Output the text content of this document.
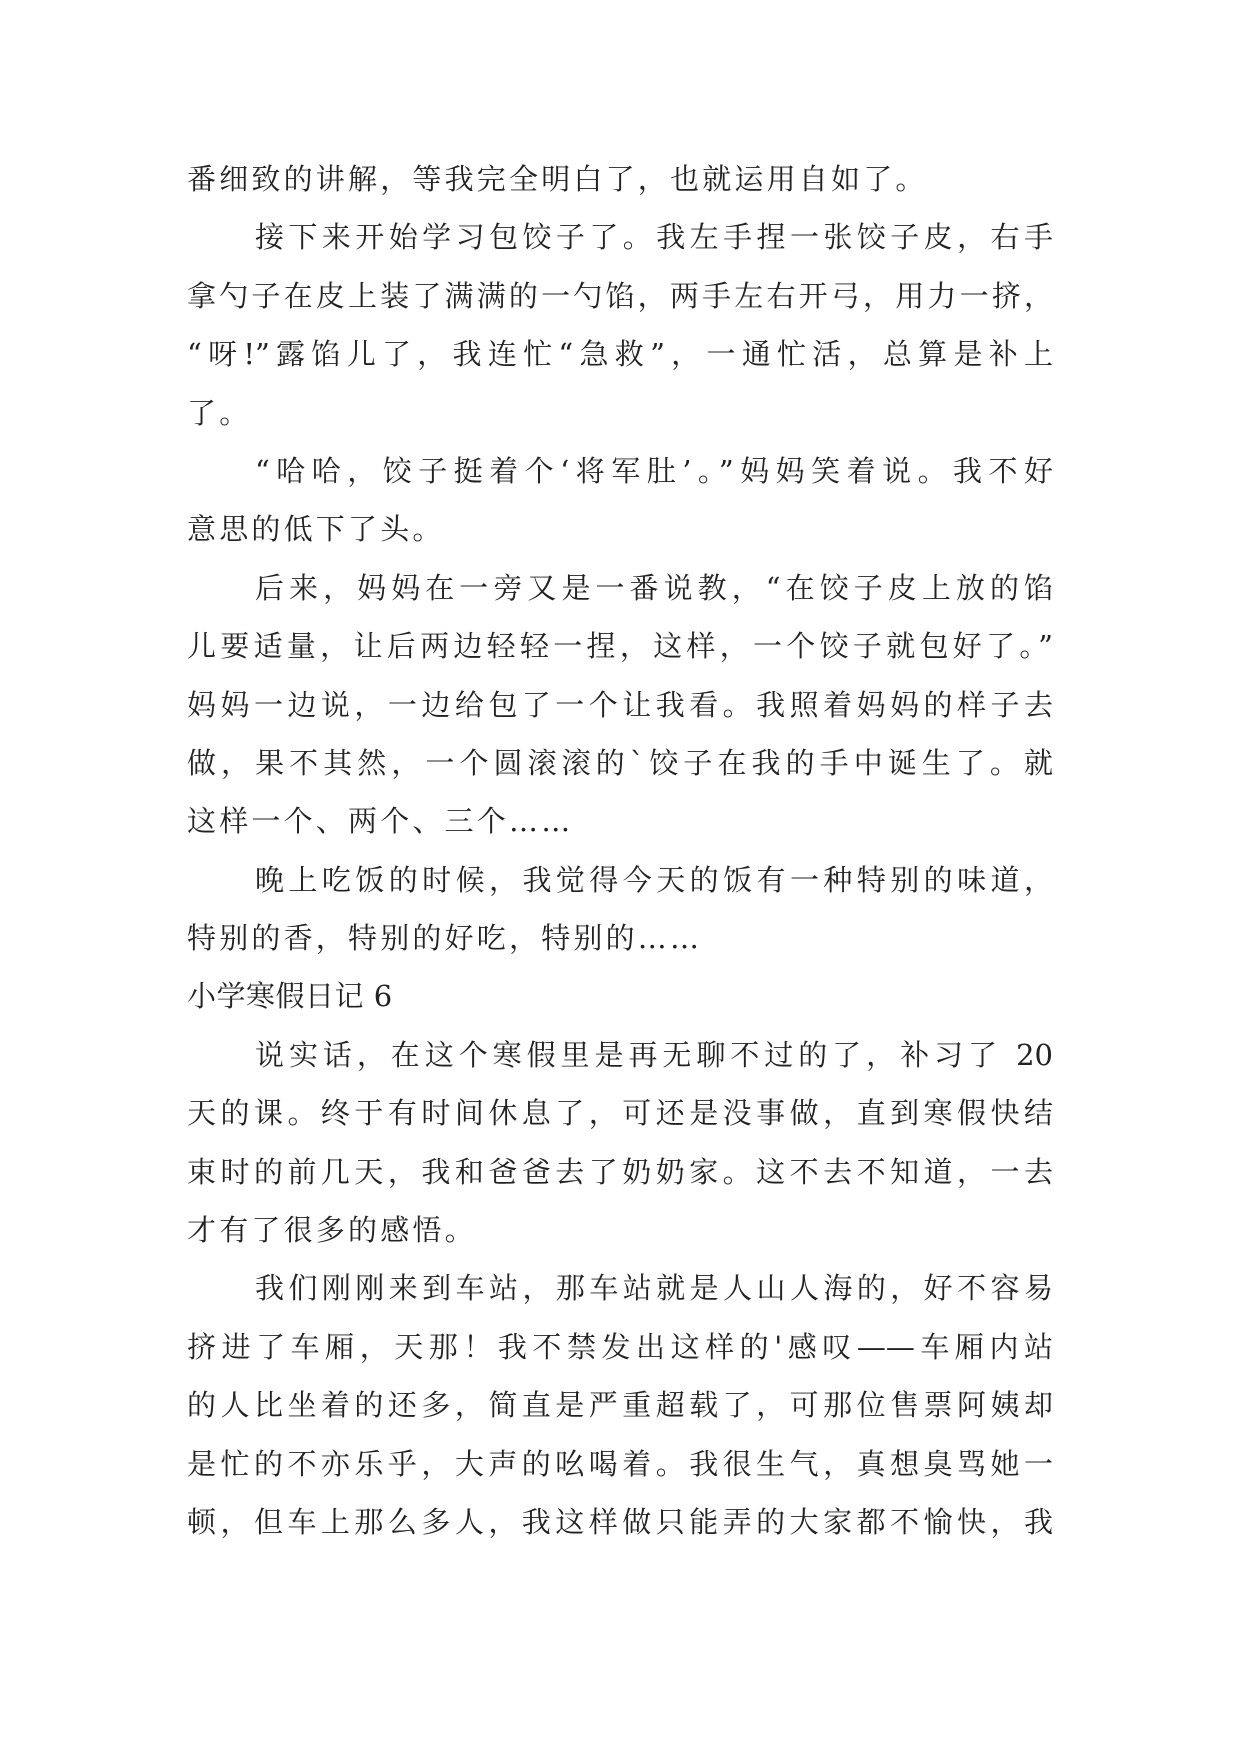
番细致的讲解，等我完全明白了，也就运用自如了。
接下来开始学习包饺子了。我左手捏一张饺子皮，右手
拿勺子在皮上装了满满的一勺馅，两手左右开弓，用力一挤，
“呀!”露馅儿了，我连忙“急救”，一通忙活，总算是补上
了。
“哈哈，饺子挺着个‘将军肚’。”妈妈笑着说。我不好
意思的低下了头。
后来，妈妈在一旁又是一番说教，“在饺子皮上放的馅
儿要适量，让后两边轻轻一捏，这样，一个饺子就包好了。”
妈妈一边说，一边给包了一个让我看。我照着妈妈的样子去
做，果不其然，一个圆滚滚的`饺子在我的手中诞生了。就
这样一个、两个、三个……
晚上吃饭的时候，我觉得今天的饭有一种特别的味道，
特别的香，特别的好吃，特别的……
小学寒假日记 6
说实话，在这个寒假里是再无聊不过的了，补习了 20
天的课。终于有时间休息了，可还是没事做，直到寒假快结
束时的前几天，我和爸爸去了奶奶家。这不去不知道，一去
才有了很多的感悟。
我们刚刚来到车站，那车站就是人山人海的，好不容易
挤进了车厢，天那！我不禁发出这样的'感叹——车厢内站
的人比坐着的还多，简直是严重超载了，可那位售票阿姨却
是忙的不亦乐乎，大声的吆喝着。我很生气，真想臭骂她一
顿，但车上那么多人，我这样做只能弄的大家都不愉快，我
